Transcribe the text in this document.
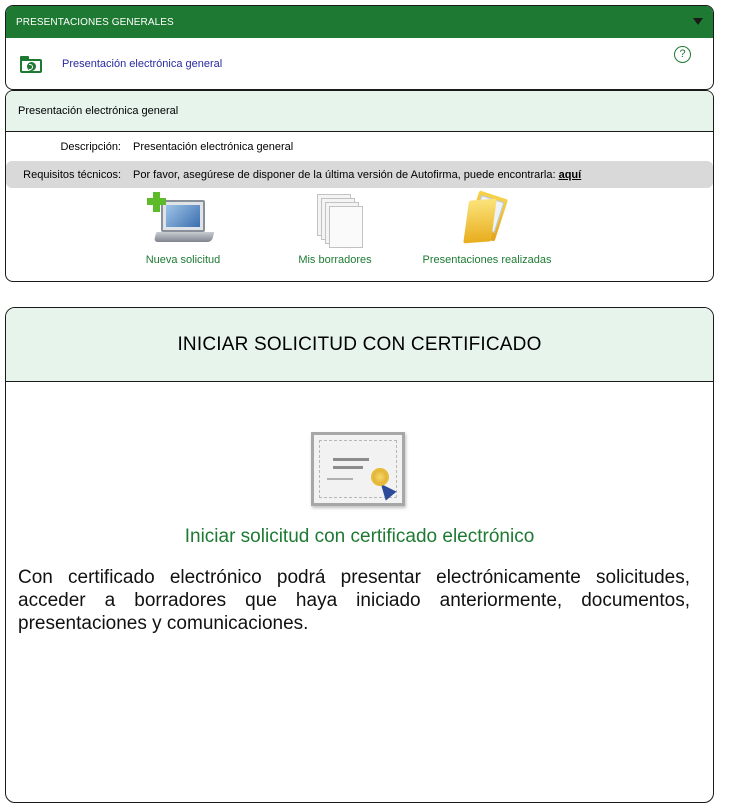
PRESENTACIONES GENERALES
Presentación electrónica general
?
Presentación electrónica general
Descripción:	Presentación electrónica general
Requisitos técnicos:	Por favor, asegúrese de disponer de la última versión de Autofirma, puede encontrarla: aquí
Nueva solicitud	Mis borradores	Presentaciones realizadas
INICIAR SOLICITUD CON CERTIFICADO
Iniciar solicitud con certificado electrónico

Con certificado electrónico podrá presentar electrónicamente solicitudes, acceder a borradores que haya iniciado anteriormente, documentos, presentaciones y comunicaciones.
